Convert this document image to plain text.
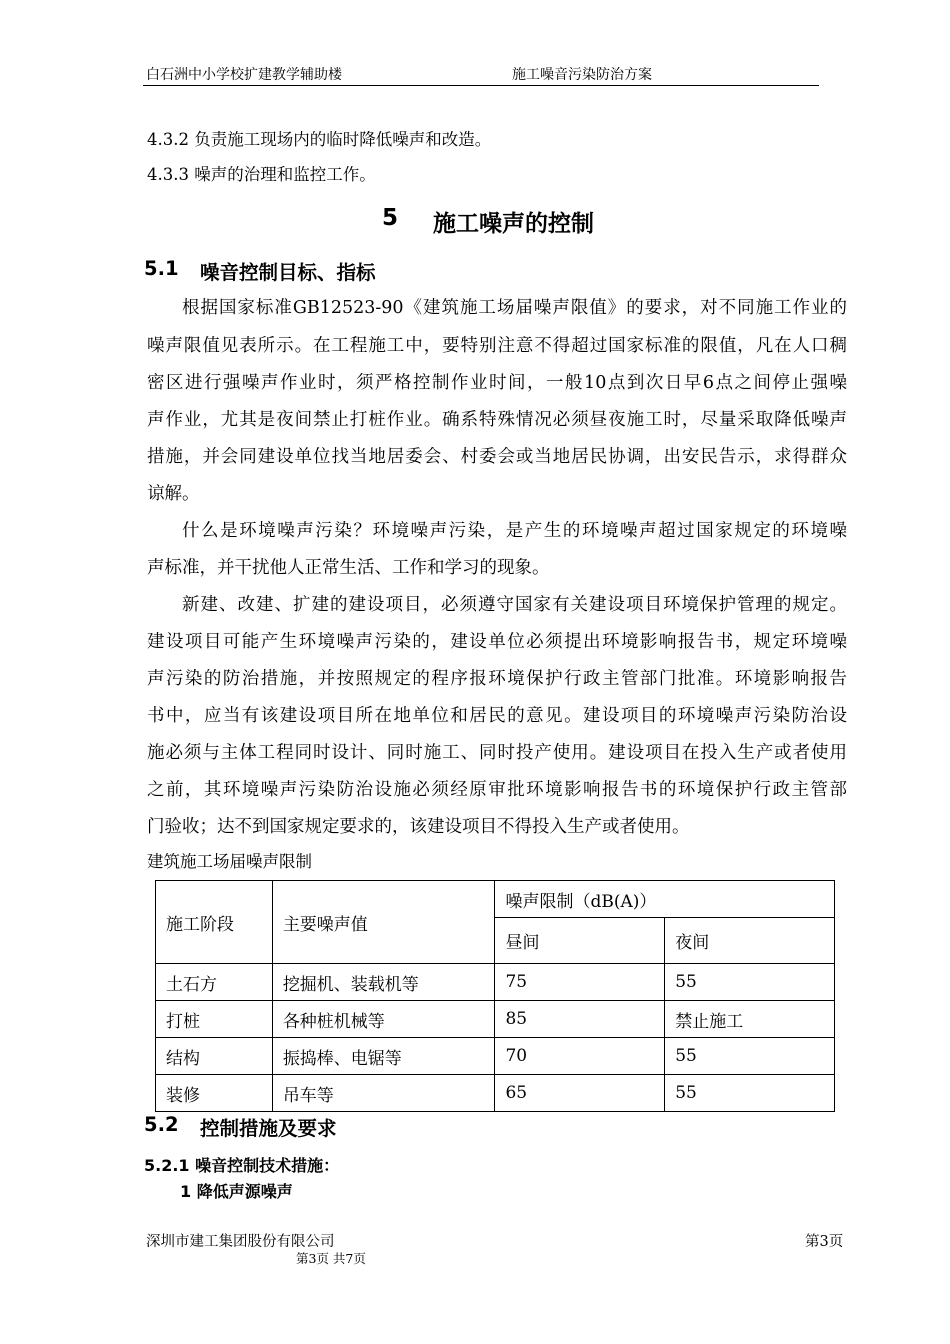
白石洲中小学校扩建教学辅助楼	施工噪音污染防治方案
4.3.2 负责施工现场内的临时降低噪声和改造。
4.3.3 噪声的治理和监控工作。
5 施工噪声的控制
5.1 噪音控制目标、指标
根据国家标准GB12523-90《建筑施工场届噪声限值》的要求，对不同施工作业的
噪声限值见表所示。在工程施工中，要特别注意不得超过国家标准的限值，凡在人口稠
密区进行强噪声作业时，须严格控制作业时间，一般10点到次日早6点之间停止强噪
声作业，尤其是夜间禁止打桩作业。确系特殊情况必须昼夜施工时，尽量采取降低噪声
措施，并会同建设单位找当地居委会、村委会或当地居民协调，出安民告示，求得群众
谅解。
什么是环境噪声污染？环境噪声污染，是产生的环境噪声超过国家规定的环境噪
声标准，并干扰他人正常生活、工作和学习的现象。
新建、改建、扩建的建设项目，必须遵守国家有关建设项目环境保护管理的规定。
建设项目可能产生环境噪声污染的，建设单位必须提出环境影响报告书，规定环境噪
声污染的防治措施，并按照规定的程序报环境保护行政主管部门批准。环境影响报告
书中，应当有该建设项目所在地单位和居民的意见。建设项目的环境噪声污染防治设
施必须与主体工程同时设计、同时施工、同时投产使用。建设项目在投入生产或者使用
之前，其环境噪声污染防治设施必须经原审批环境影响报告书的环境保护行政主管部
门验收；达不到国家规定要求的，该建设项目不得投入生产或者使用。
建筑施工场届噪声限制
施工阶段	主要噪声值	噪声限制（dB(A)）	
		昼间	夜间
土石方	挖掘机、装载机等	75	55
打桩	各种桩机械等	85	禁止施工
结构	振捣棒、电锯等	70	55
装修	吊车等	65	55
5.2 控制措施及要求
5.2.1 噪音控制技术措施：
1 降低声源噪声
深圳市建工集团股份有限公司	第3页
第3页 共7页
